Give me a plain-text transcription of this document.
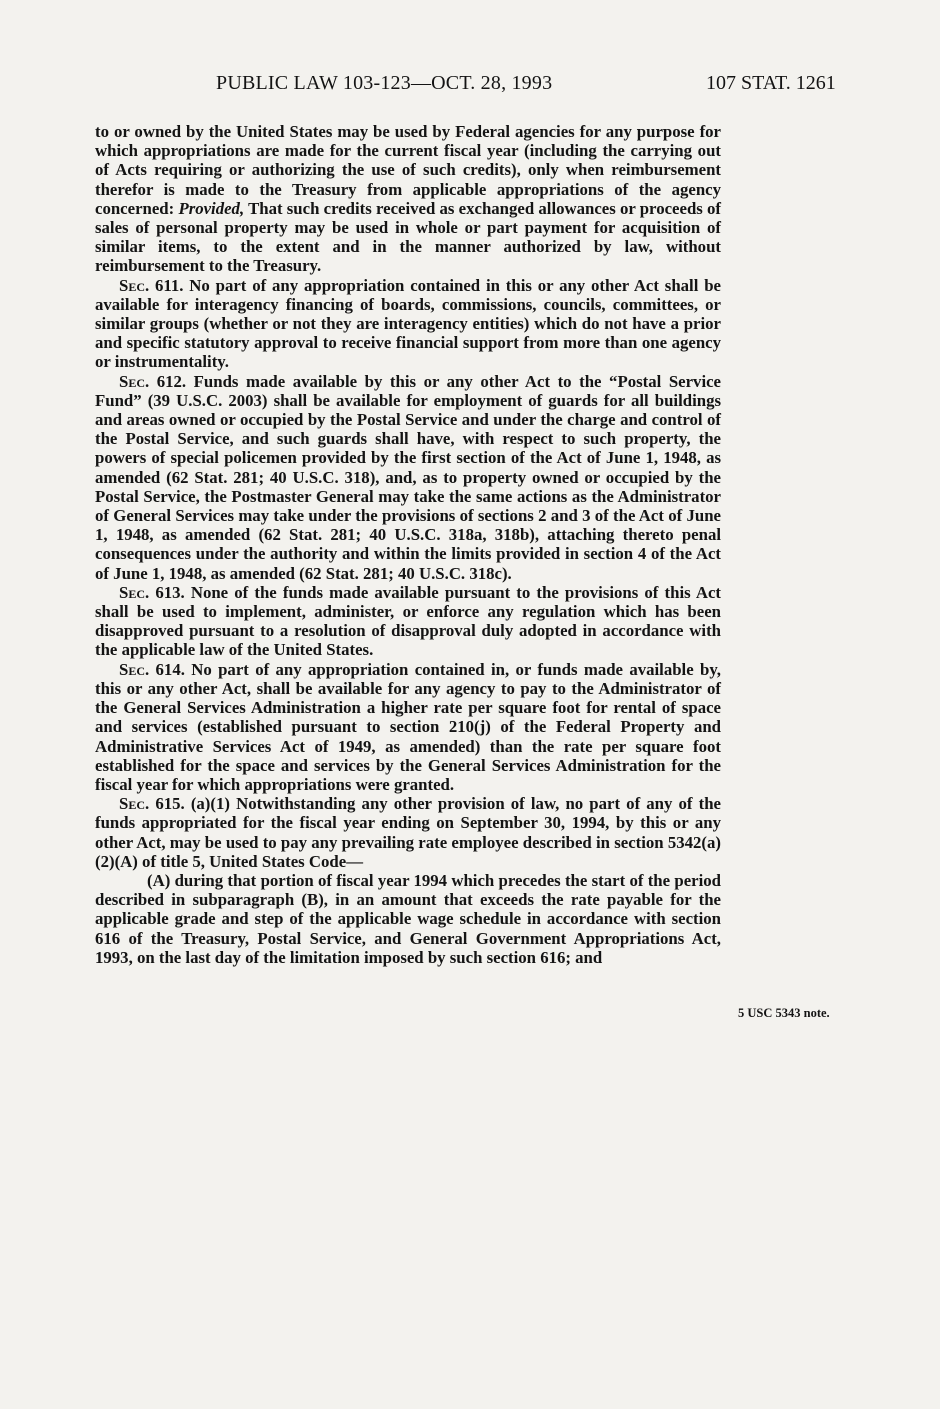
PUBLIC LAW 103-123—OCT. 28, 1993	107 STAT. 1261

to or owned by the United States may be used by Federal agencies for any purpose for which appropriations are made for the current fiscal year (including the carrying out of Acts requiring or authorizing the use of such credits), only when reimbursement therefor is made to the Treasury from applicable appropriations of the agency concerned: Provided, That such credits received as exchanged allowances or proceeds of sales of personal property may be used in whole or part payment for acquisition of similar items, to the extent and in the manner authorized by law, without reimbursement to the Treasury.

Sec. 611. No part of any appropriation contained in this or any other Act shall be available for interagency financing of boards, commissions, councils, committees, or similar groups (whether or not they are interagency entities) which do not have a prior and specific statutory approval to receive financial support from more than one agency or instrumentality.

Sec. 612. Funds made available by this or any other Act to the “Postal Service Fund” (39 U.S.C. 2003) shall be available for employment of guards for all buildings and areas owned or occupied by the Postal Service and under the charge and control of the Postal Service, and such guards shall have, with respect to such property, the powers of special policemen provided by the first section of the Act of June 1, 1948, as amended (62 Stat. 281; 40 U.S.C. 318), and, as to property owned or occupied by the Postal Service, the Postmaster General may take the same actions as the Administrator of General Services may take under the provisions of sections 2 and 3 of the Act of June 1, 1948, as amended (62 Stat. 281; 40 U.S.C. 318a, 318b), attaching thereto penal consequences under the authority and within the limits provided in section 4 of the Act of June 1, 1948, as amended (62 Stat. 281; 40 U.S.C. 318c).

Sec. 613. None of the funds made available pursuant to the provisions of this Act shall be used to implement, administer, or enforce any regulation which has been disapproved pursuant to a resolution of disapproval duly adopted in accordance with the applicable law of the United States.

Sec. 614. No part of any appropriation contained in, or funds made available by, this or any other Act, shall be available for any agency to pay to the Administrator of the General Services Administration a higher rate per square foot for rental of space and services (established pursuant to section 210(j) of the Federal Property and Administrative Services Act of 1949, as amended) than the rate per square foot established for the space and services by the General Services Administration for the fiscal year for which appropriations were granted.

Sec. 615. (a)(1) Notwithstanding any other provision of law, no part of any of the funds appropriated for the fiscal year ending on September 30, 1994, by this or any other Act, may be used to pay any prevailing rate employee described in section 5342(a)(2)(A) of title 5, United States Code—

(A) during that portion of fiscal year 1994 which precedes the start of the period described in subparagraph (B), in an amount that exceeds the rate payable for the applicable grade and step of the applicable wage schedule in accordance with section 616 of the Treasury, Postal Service, and General Government Appropriations Act, 1993, on the last day of the limitation imposed by such section 616; and

5 USC 5343 note.
